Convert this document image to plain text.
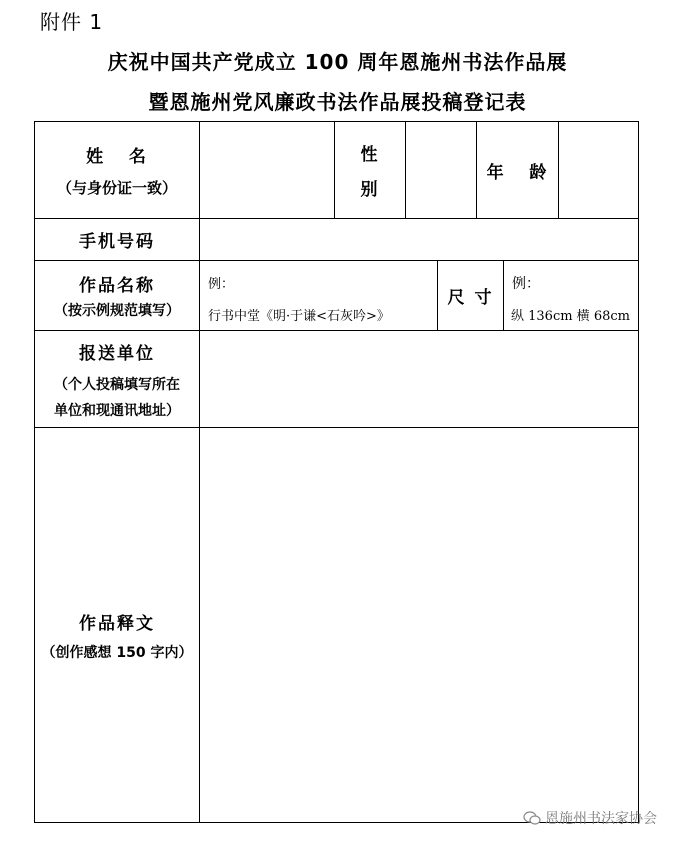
附件 1
庆祝中国共产党成立 100 周年恩施州书法作品展
暨恩施州党风廉政书法作品展投稿登记表
姓   名
（与身份证一致）
性
别
年   龄
手机号码
作品名称
（按示例规范填写）
例：
行书中堂《明·于谦<石灰吟>》
尺 寸
例：
纵 136cm 横 68cm
报送单位
（个人投稿填写所在
单位和现通讯地址）
作品释文
（创作感想 150 字内）
恩施州书法家协会
